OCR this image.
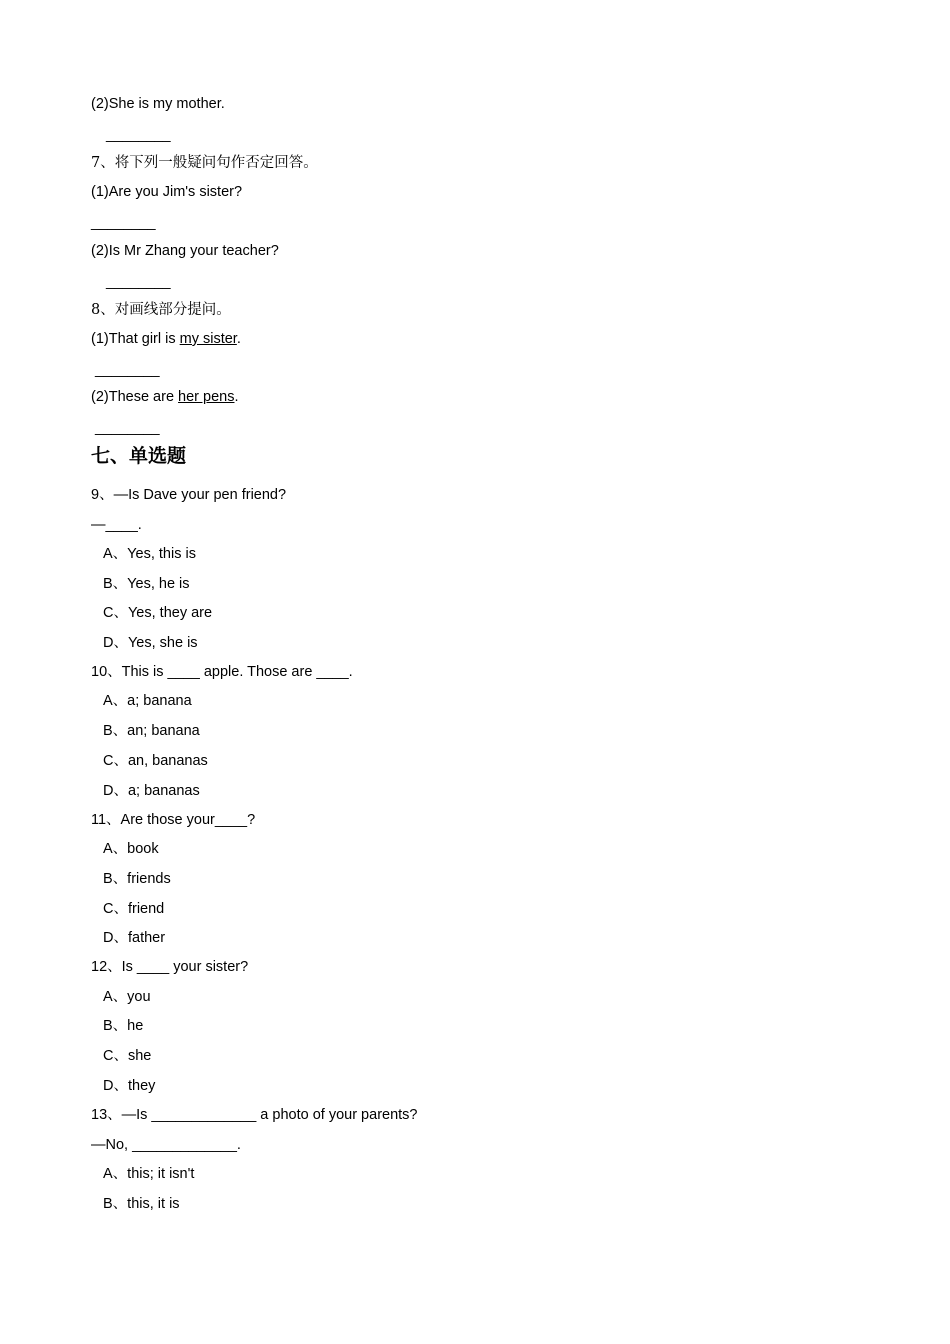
(2)She is my mother.
________
7、将下列一般疑问句作否定回答。
(1)Are you Jim's sister?
________
(2)Is Mr Zhang your teacher?
________
8、对画线部分提问。
(1)That girl is my sister.
________
(2)These are her pens.
________
七、单选题
9、—Is Dave your pen friend?
—____.
A、Yes, this is
B、Yes, he is
C、Yes, they are
D、Yes, she is
10、This is ____ apple. Those are ____.
A、a; banana
B、an; banana
C、an, bananas
D、a; bananas
11、Are those your____?
A、book
B、friends
C、friend
D、father
12、Is ____ your sister?
A、you
B、he
C、she
D、they
13、—Is _____________ a photo of your parents?
—No, _____________.
A、this; it isn't
B、this, it is
